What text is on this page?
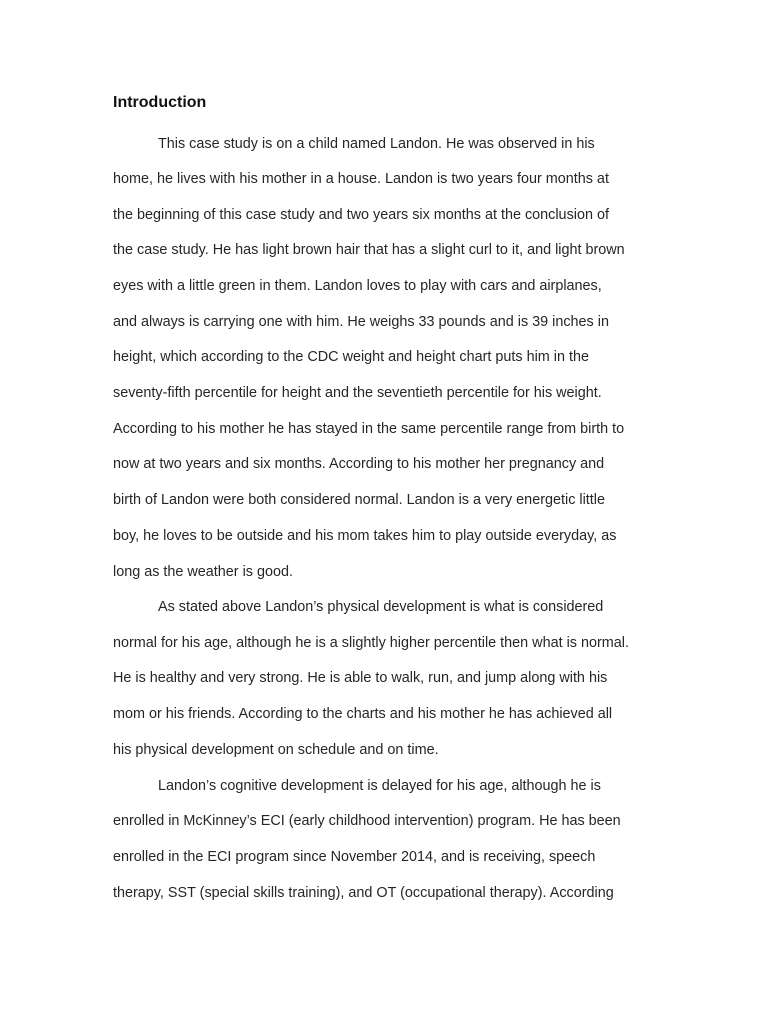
Introduction
This case study is on a child named Landon. He was observed in his
home, he lives with his mother in a house. Landon is two years four months at
the beginning of this case study and two years six months at the conclusion of
the case study. He has light brown hair that has a slight curl to it, and light brown
eyes with a little green in them. Landon loves to play with cars and airplanes,
and always is carrying one with him. He weighs 33 pounds and is 39 inches in
height, which according to the CDC weight and height chart puts him in the
seventy-fifth percentile for height and the seventieth percentile for his weight.
According to his mother he has stayed in the same percentile range from birth to
now at two years and six months. According to his mother her pregnancy and
birth of Landon were both considered normal. Landon is a very energetic little
boy, he loves to be outside and his mom takes him to play outside everyday, as
long as the weather is good.
As stated above Landon’s physical development is what is considered
normal for his age, although he is a slightly higher percentile then what is normal.
He is healthy and very strong. He is able to walk, run, and jump along with his
mom or his friends. According to the charts and his mother he has achieved all
his physical development on schedule and on time.
Landon’s cognitive development is delayed for his age, although he is
enrolled in McKinney’s ECI (early childhood intervention) program. He has been
enrolled in the ECI program since November 2014, and is receiving, speech
therapy, SST (special skills training), and OT (occupational therapy). According
